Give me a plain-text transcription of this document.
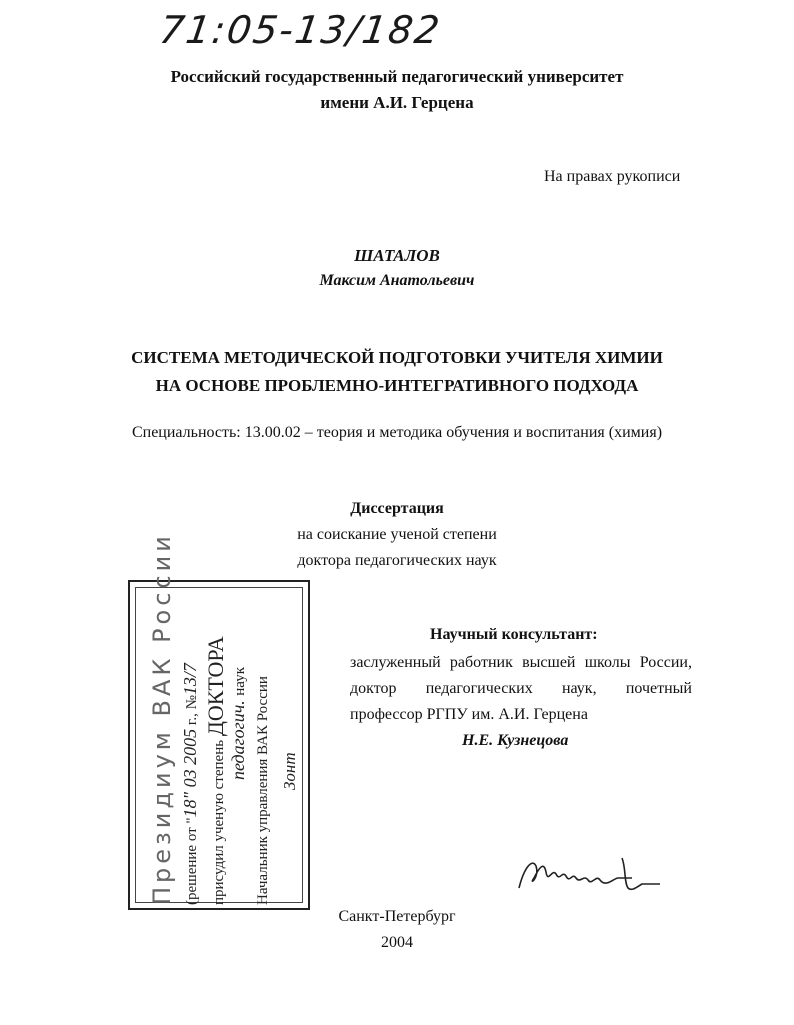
71:05-13/182
Российский государственный педагогический университет
имени А.И. Герцена
На правах рукописи
ШАТАЛОВ
Максим Анатольевич
СИСТЕМА МЕТОДИЧЕСКОЙ ПОДГОТОВКИ УЧИТЕЛЯ ХИМИИ
НА ОСНОВЕ ПРОБЛЕМНО-ИНТЕГРАТИВНОГО ПОДХОДА
Специальность: 13.00.02 – теория и методика обучения и воспитания (химия)
Диссертация
на соискание ученой степени
доктора педагогических наук
Научный консультант:
заслуженный работник высшей школы России, доктор педагогических наук, почетный профессор РГПУ им. А.И. Герцена
Н.Е. Кузнецова
Президиум ВАК России (решение от "18" 03 2005 г., №13/7
присудил ученую степень ДОКТОРА
педагогич. наук Начальник управления ВАК России Зонт
Санкт-Петербург
2004
